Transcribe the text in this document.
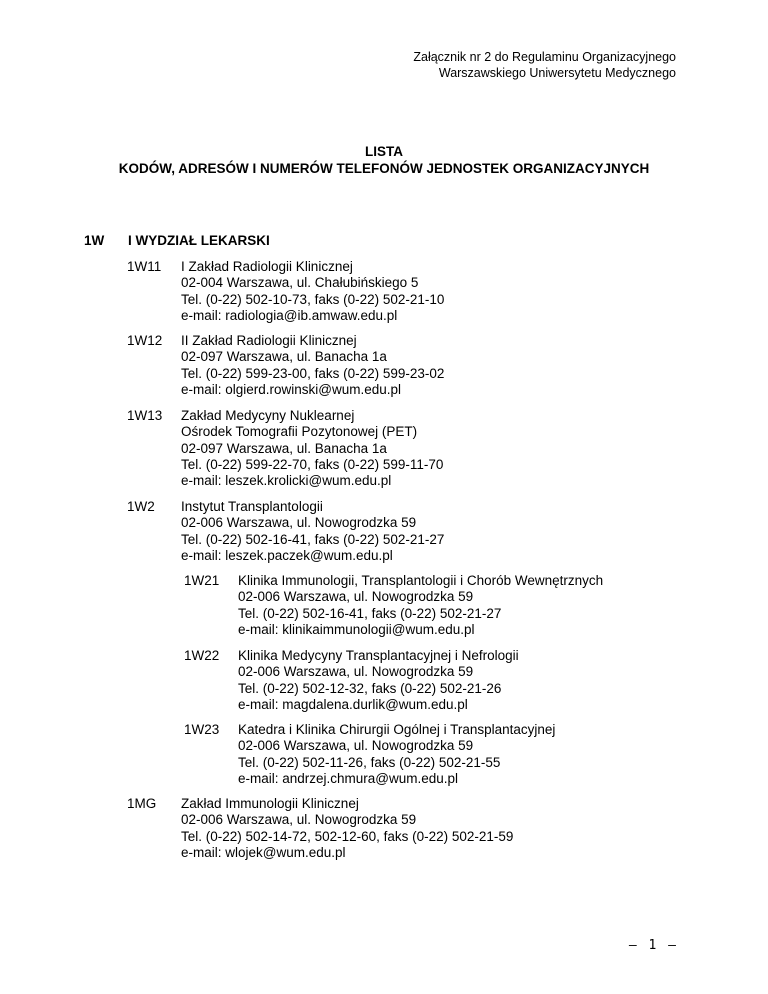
Załącznik nr 2 do Regulaminu Organizacyjnego
Warszawskiego Uniwersytetu Medycznego
LISTA
KODÓW, ADRESÓW I NUMERÓW TELEFONÓW JEDNOSTEK ORGANIZACYJNYCH
1W I WYDZIAŁ LEKARSKI
1W11 I Zakład Radiologii Klinicznej
02-004 Warszawa, ul. Chałubińskiego 5
Tel. (0-22) 502-10-73, faks (0-22) 502-21-10
e-mail: radiologia@ib.amwaw.edu.pl
1W12 II Zakład Radiologii Klinicznej
02-097 Warszawa, ul. Banacha 1a
Tel. (0-22) 599-23-00, faks (0-22) 599-23-02
e-mail: olgierd.rowinski@wum.edu.pl
1W13 Zakład Medycyny Nuklearnej
Ośrodek Tomografii Pozytonowej (PET)
02-097 Warszawa, ul. Banacha 1a
Tel. (0-22) 599-22-70, faks (0-22) 599-11-70
e-mail: leszek.krolicki@wum.edu.pl
1W2 Instytut Transplantologii
02-006 Warszawa, ul. Nowogrodzka 59
Tel. (0-22) 502-16-41, faks (0-22) 502-21-27
e-mail: leszek.paczek@wum.edu.pl
1W21 Klinika Immunologii, Transplantologii i Chorób Wewnętrznych
02-006 Warszawa, ul. Nowogrodzka 59
Tel. (0-22) 502-16-41, faks (0-22) 502-21-27
e-mail: klinikaimmunologii@wum.edu.pl
1W22 Klinika Medycyny Transplantacyjnej i Nefrologii
02-006 Warszawa, ul. Nowogrodzka 59
Tel. (0-22) 502-12-32, faks (0-22) 502-21-26
e-mail: magdalena.durlik@wum.edu.pl
1W23 Katedra i Klinika Chirurgii Ogólnej i Transplantacyjnej
02-006 Warszawa, ul. Nowogrodzka 59
Tel. (0-22) 502-11-26, faks (0-22) 502-21-55
e-mail: andrzej.chmura@wum.edu.pl
1MG Zakład Immunologii Klinicznej
02-006 Warszawa, ul. Nowogrodzka 59
Tel. (0-22) 502-14-72, 502-12-60, faks (0-22) 502-21-59
e-mail: wlojek@wum.edu.pl
– 1 –
